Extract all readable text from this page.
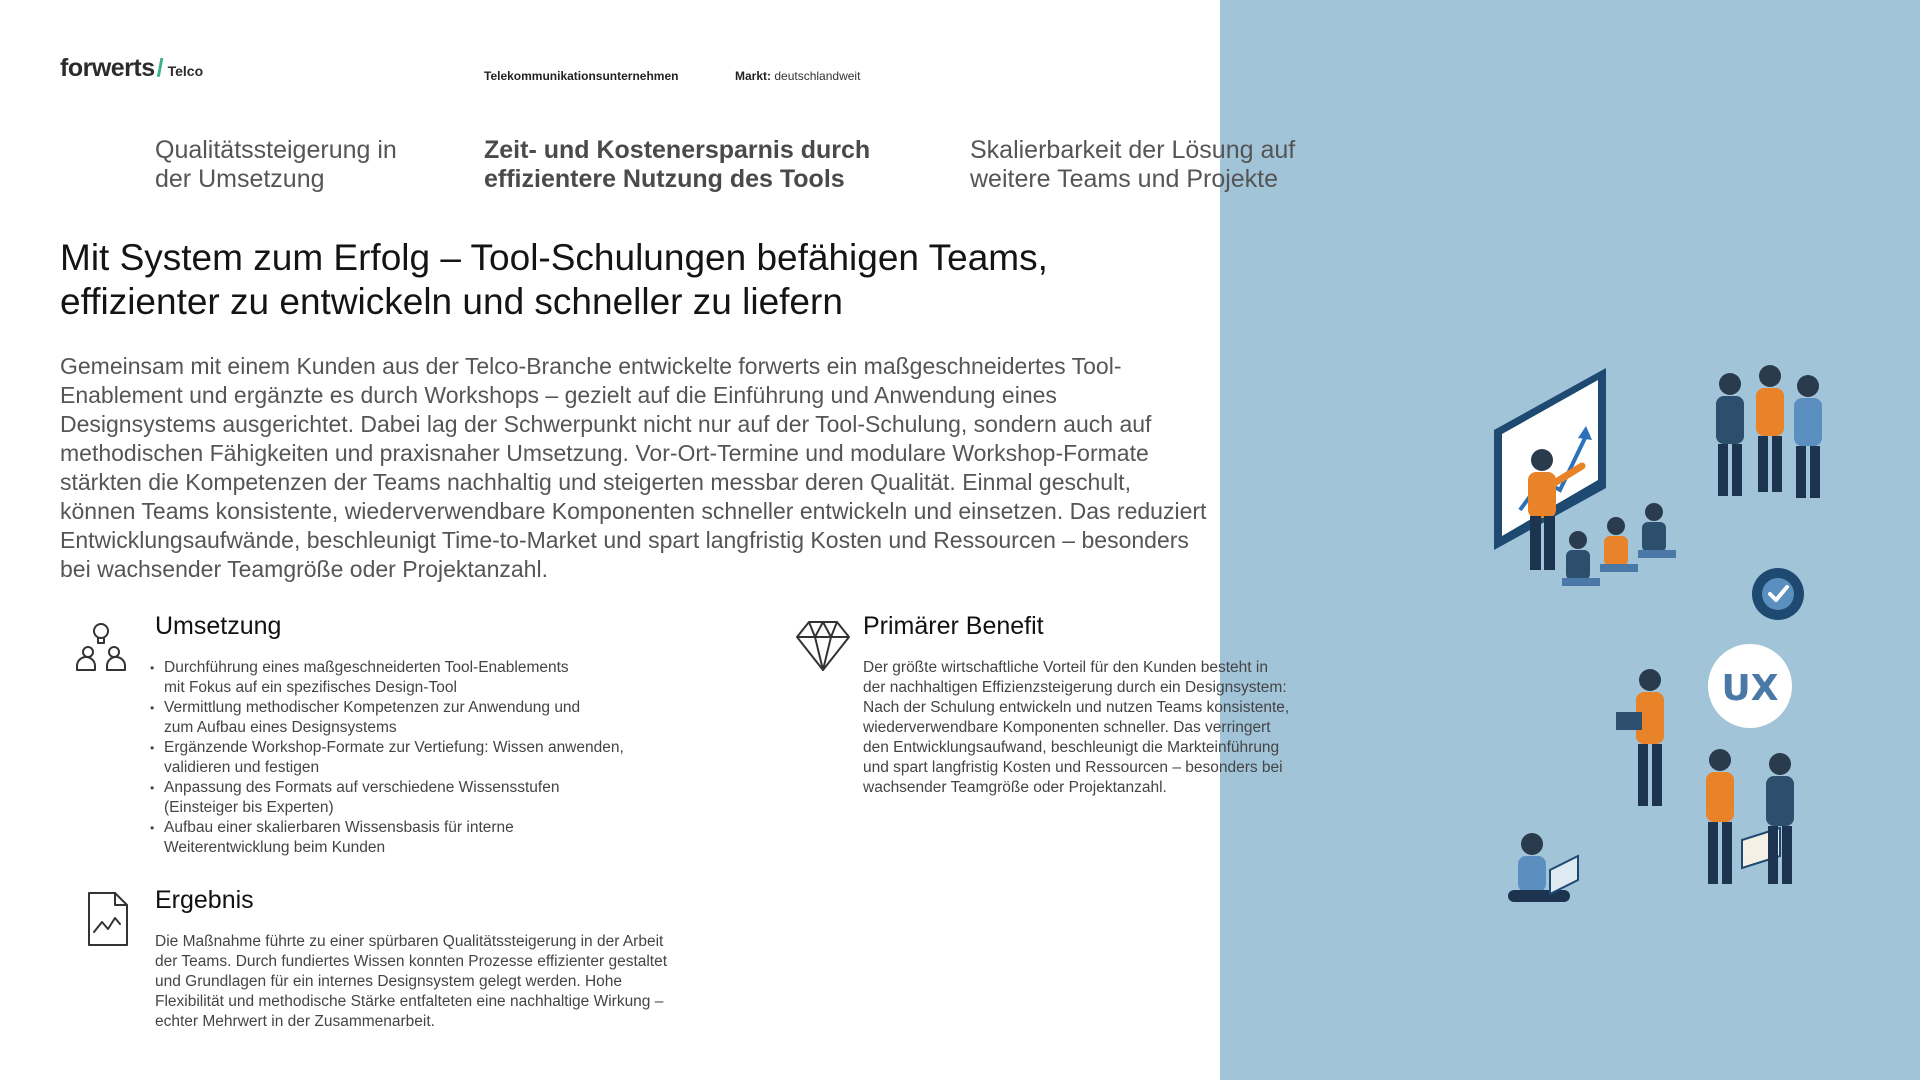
forwerts / Telco	Telekommunikationsunternehmen	Markt: deutschlandweit
Qualitätssteigerung in
der Umsetzung
Zeit- und Kostenersparnis durch
effizientere Nutzung des Tools
Skalierbarkeit der Lösung auf
weitere Teams und Projekte
Mit System zum Erfolg – Tool-Schulungen befähigen Teams,
effizienter zu entwickeln und schneller zu liefern

Gemeinsam mit einem Kunden aus der Telco-Branche entwickelte forwerts ein maßgeschneidertes Tool-
Enablement und ergänzte es durch Workshops – gezielt auf die Einführung und Anwendung eines
Designsystems ausgerichtet. Dabei lag der Schwerpunkt nicht nur auf der Tool-Schulung, sondern auch auf
methodischen Fähigkeiten und praxisnaher Umsetzung. Vor-Ort-Termine und modulare Workshop-Formate
stärkten die Kompetenzen der Teams nachhaltig und steigerten messbar deren Qualität. Einmal geschult,
können Teams konsistente, wiederverwendbare Komponenten schneller entwickeln und einsetzen. Das reduziert
Entwicklungsaufwände, beschleunigt Time-to-Market und spart langfristig Kosten und Ressourcen – besonders
bei wachsender Teamgröße oder Projektanzahl.

Umsetzung
• Durchführung eines maßgeschneiderten Tool-Enablements
mit Fokus auf ein spezifisches Design-Tool
• Vermittlung methodischer Kompetenzen zur Anwendung und
zum Aufbau eines Designsystems
• Ergänzende Workshop-Formate zur Vertiefung: Wissen anwenden,
validieren und festigen
• Anpassung des Formats auf verschiedene Wissensstufen
(Einsteiger bis Experten)
• Aufbau einer skalierbaren Wissensbasis für interne
Weiterentwicklung beim Kunden
Primärer Benefit

Der größte wirtschaftliche Vorteil für den Kunden besteht in
der nachhaltigen Effizienzsteigerung durch ein Designsystem:
Nach der Schulung entwickeln und nutzen Teams konsistente,
wiederverwendbare Komponenten schneller. Das verringert
den Entwicklungsaufwand, beschleunigt die Markteinführung
und spart langfristig Kosten und Ressourcen – besonders bei
wachsender Teamgröße oder Projektanzahl.

Ergebnis

Die Maßnahme führte zu einer spürbaren Qualitätssteigerung in der Arbeit
der Teams. Durch fundiertes Wissen konnten Prozesse effizienter gestaltet
und Grundlagen für ein internes Designsystem gelegt werden. Hohe
Flexibilität und methodische Stärke entfalteten eine nachhaltige Wirkung –
echter Mehrwert in der Zusammenarbeit.

UX
